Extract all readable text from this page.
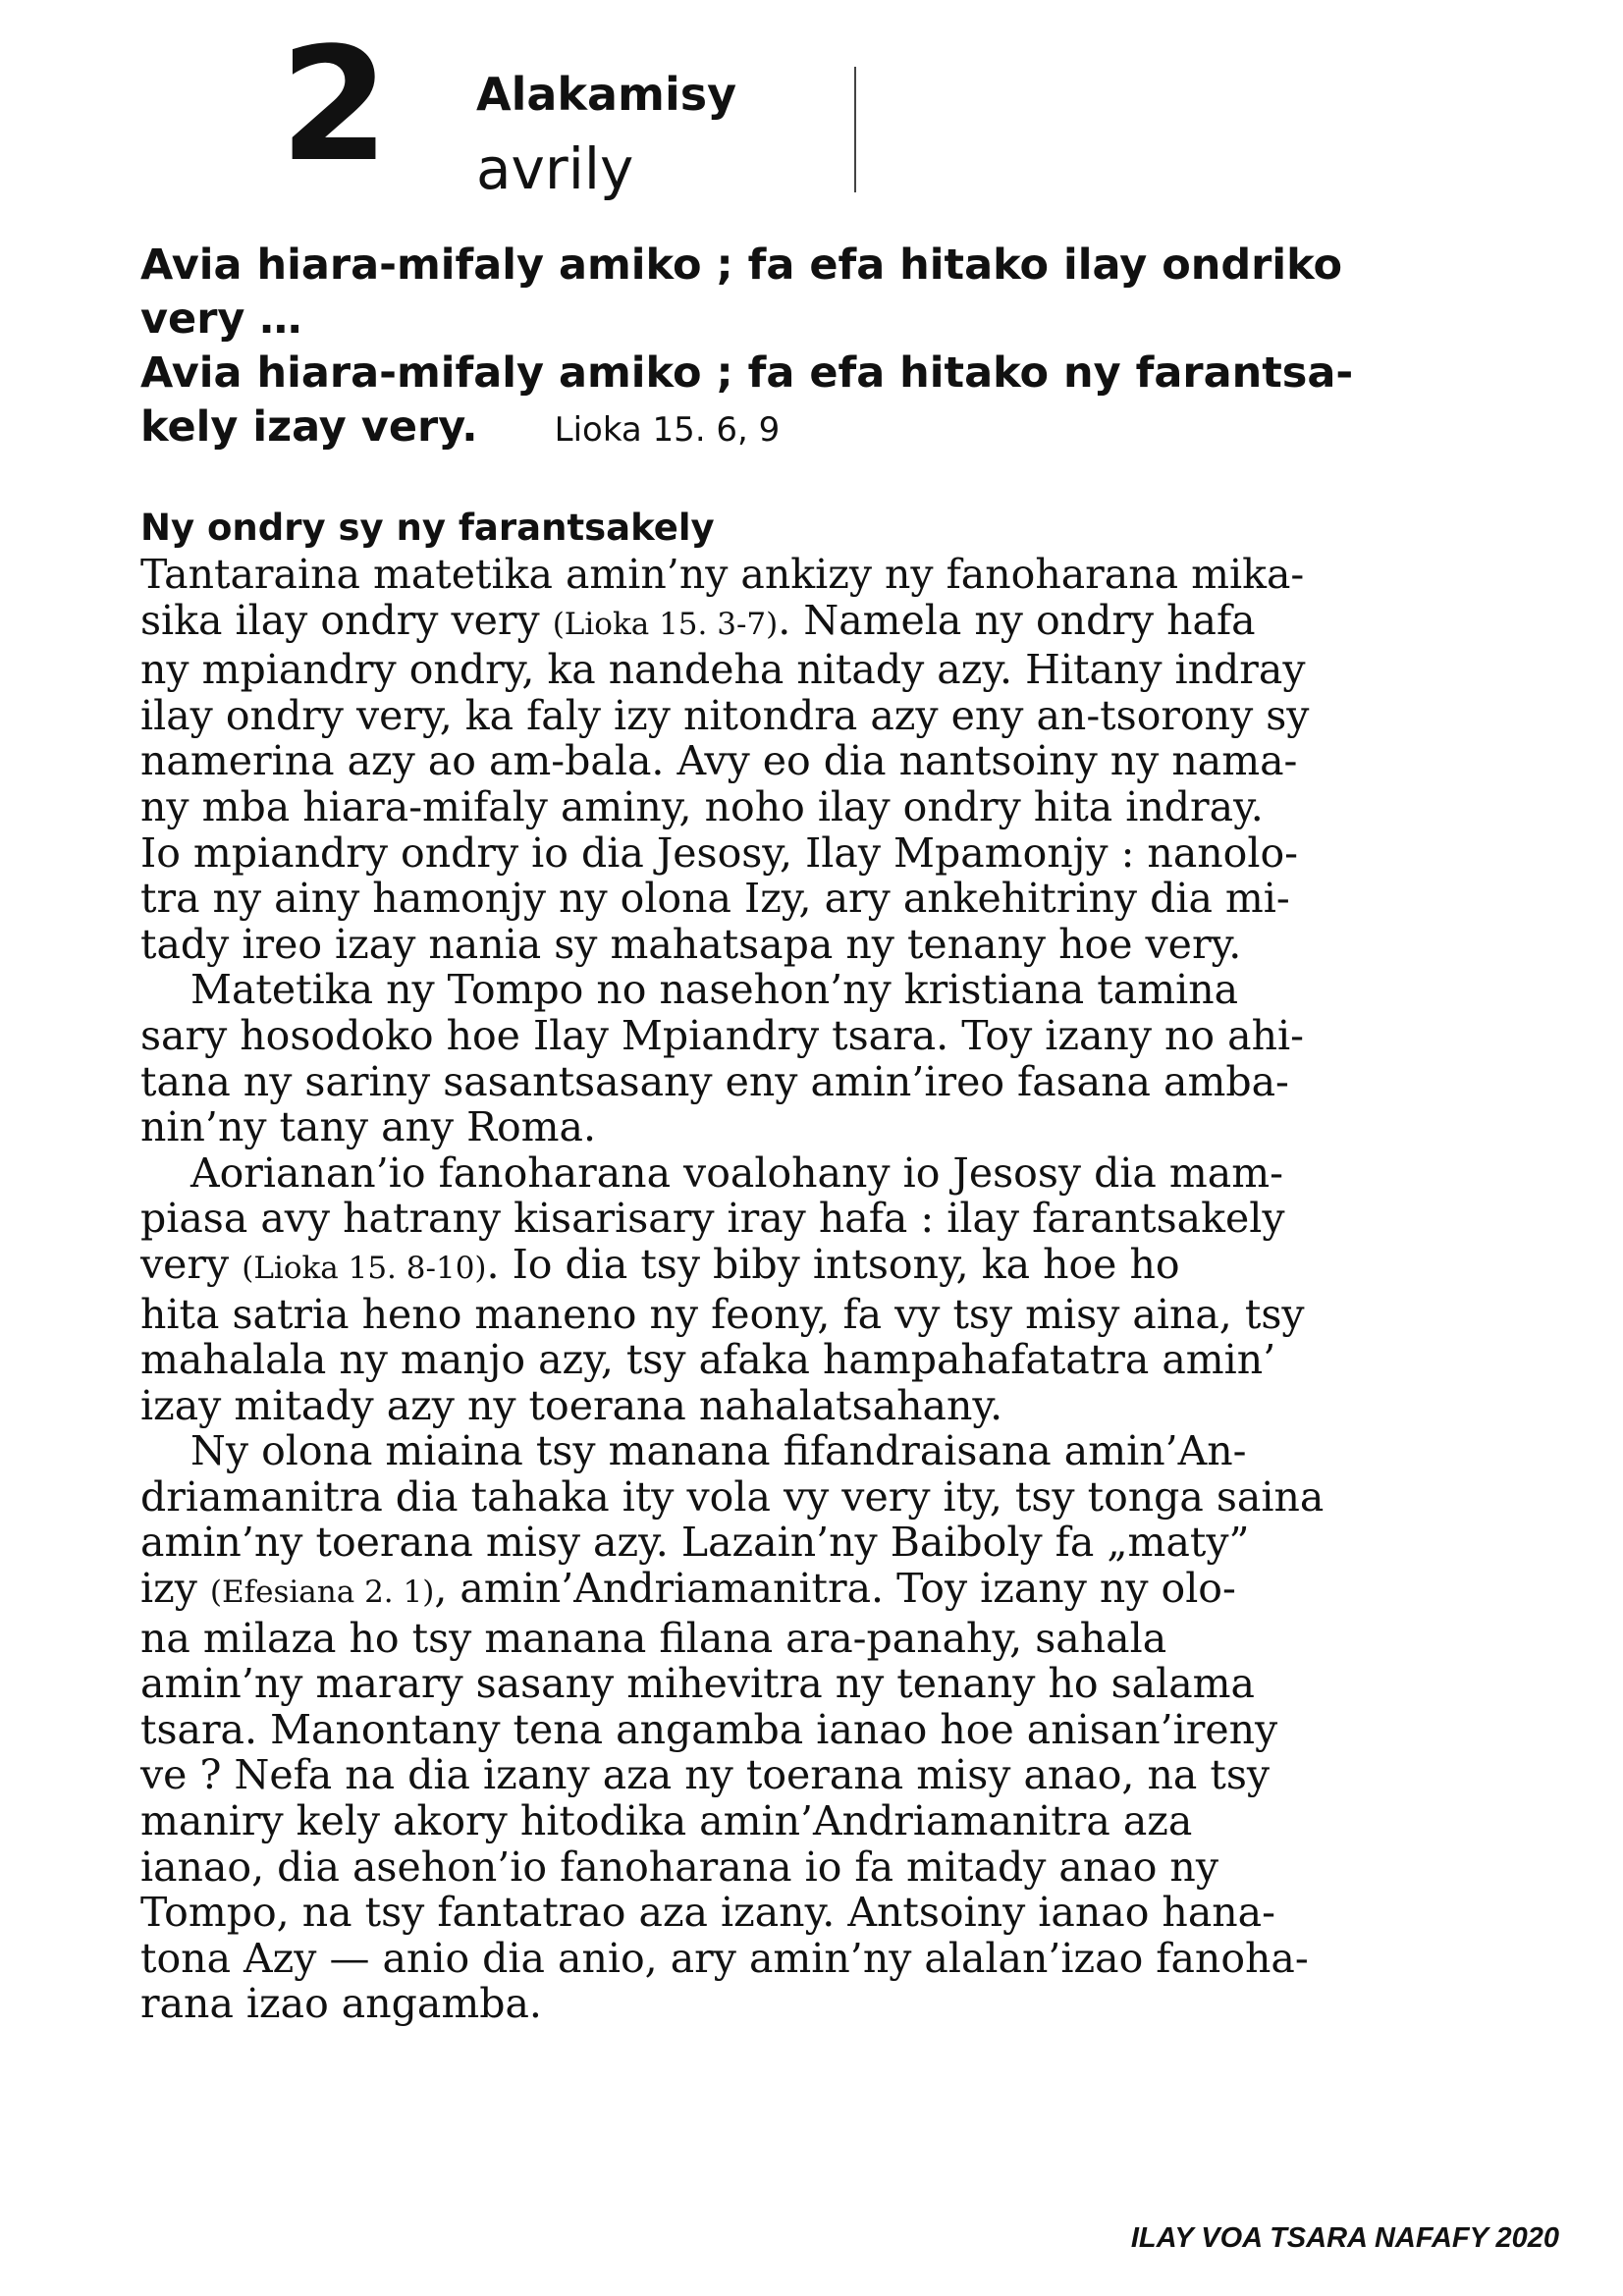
2 Alakamisy
avrily
Avia hiara-mifaly amiko ; fa efa hitako ilay ondriko
very …
Avia hiara-mifaly amiko ; fa efa hitako ny farantsa-
kely izay very. Lioka 15. 6, 9
Ny ondry sy ny farantsakely
Tantaraina matetika amin’ny ankizy ny fanoharana mika-
sika ilay ondry very (Lioka 15. 3-7). Namela ny ondry hafa
ny mpiandry ondry, ka nandeha nitady azy. Hitany indray
ilay ondry very, ka faly izy nitondra azy eny an-tsorony sy
namerina azy ao am-bala. Avy eo dia nantsoiny ny nama-
ny mba hiara-mifaly aminy, noho ilay ondry hita indray.
Io mpiandry ondry io dia Jesosy, Ilay Mpamonjy : nanolo-
tra ny ainy hamonjy ny olona Izy, ary ankehitriny dia mi-
tady ireo izay nania sy mahatsapa ny tenany hoe very.
Matetika ny Tompo no nasehon’ny kristiana tamina
sary hosodoko hoe Ilay Mpiandry tsara. Toy izany no ahi-
tana ny sariny sasantsasany eny amin’ireo fasana amba-
nin’ny tany any Roma.
Aorianan’io fanoharana voalohany io Jesosy dia mam-
piasa avy hatrany kisarisary iray hafa : ilay farantsakely
very (Lioka 15. 8-10). Io dia tsy biby intsony, ka hoe ho
hita satria heno maneno ny feony, fa vy tsy misy aina, tsy
mahalala ny manjo azy, tsy afaka hampahafatatra amin’
izay mitady azy ny toerana nahalatsahany.
Ny olona miaina tsy manana fifandraisana amin’An-
driamanitra dia tahaka ity vola vy very ity, tsy tonga saina
amin’ny toerana misy azy. Lazain’ny Baiboly fa „maty”
izy (Efesiana 2. 1), amin’Andriamanitra. Toy izany ny olo-
na milaza ho tsy manana filana ara-panahy, sahala
amin’ny marary sasany mihevitra ny tenany ho salama
tsara. Manontany tena angamba ianao hoe anisan’ireny
ve ? Nefa na dia izany aza ny toerana misy anao, na tsy
maniry kely akory hitodika amin’Andriamanitra aza
ianao, dia asehon’io fanoharana io fa mitady anao ny
Tompo, na tsy fantatrao aza izany. Antsoiny ianao hana-
tona Azy — anio dia anio, ary amin’ny alalan’izao fanoha-
rana izao angamba.
ILAY VOA TSARA NAFAFY 2020
